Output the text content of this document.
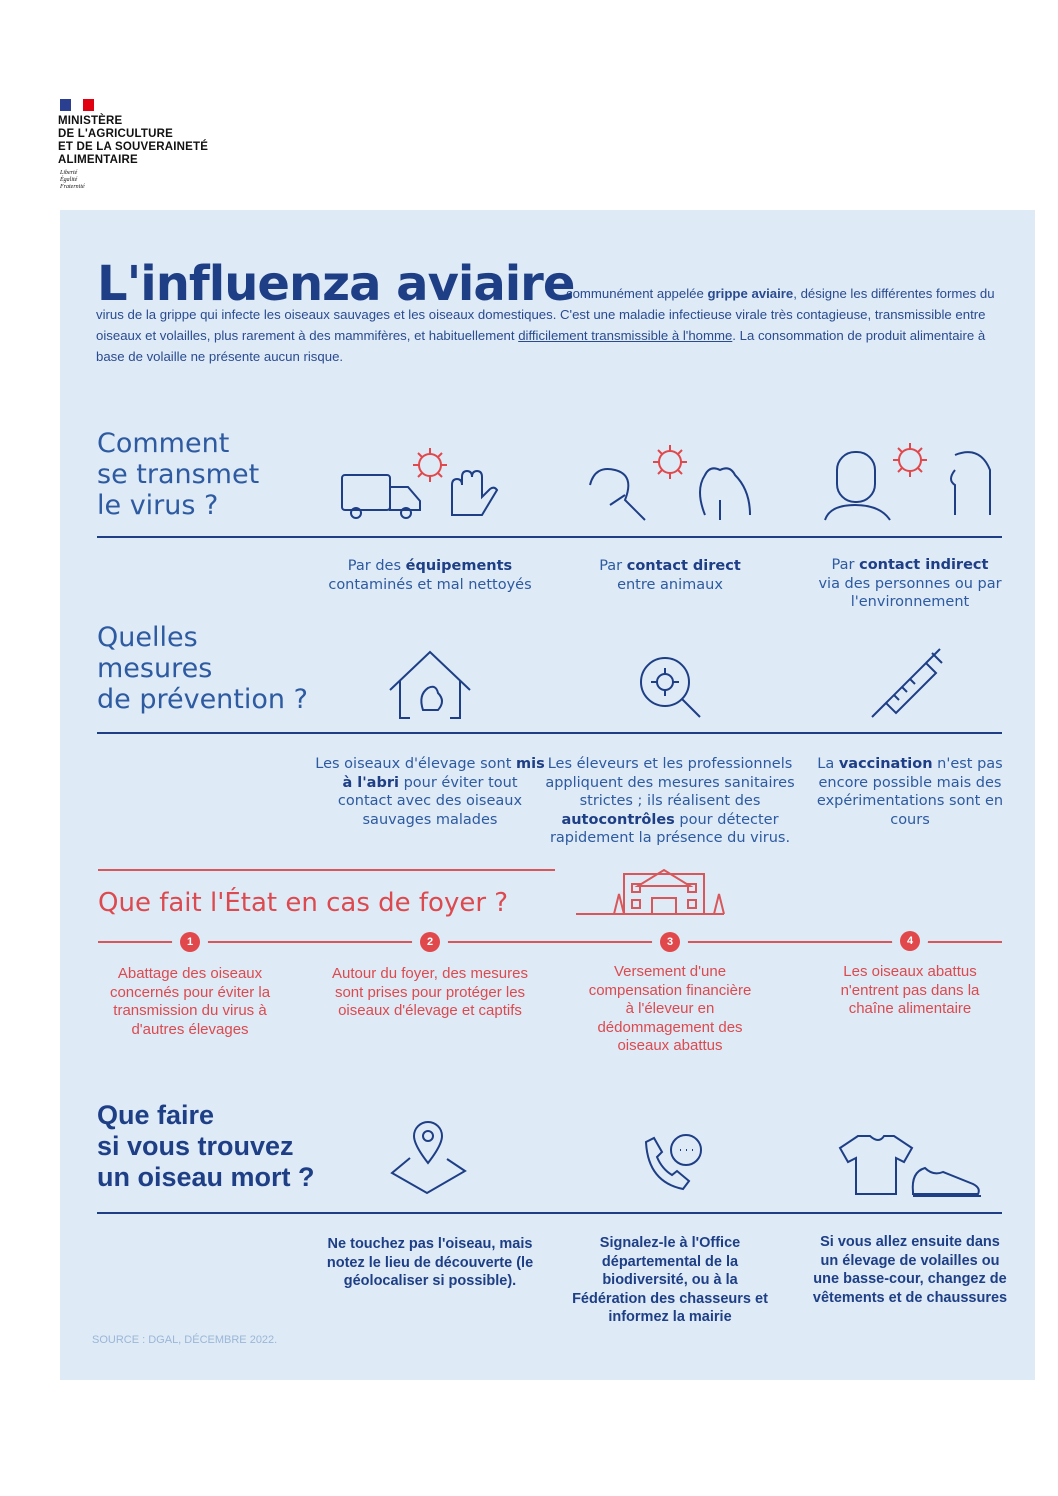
MINISTÈRE
DE L'AGRICULTURE
ET DE LA SOUVERAINETÉ
ALIMENTAIRE
Liberté
Égalité
Fraternité
communément appelée grippe aviaire, désigne les différentes formes du virus de la grippe qui infecte les oiseaux sauvages et les oiseaux domestiques. C'est une maladie infectieuse virale très contagieuse, transmissible entre oiseaux et volailles, plus rarement à des mammifères, et habituellement difficilement transmissible à l'homme. La consommation de produit alimentaire à base de volaille ne présente aucun risque.
L'influenza aviaire
Comment
se transmet
le virus ?
Par des équipements
contaminés et mal nettoyés
Par contact direct
entre animaux
Par contact indirect
via des personnes ou par l'environnement
Quelles
mesures
de prévention ?
Les oiseaux d'élevage sont mis à l'abri pour éviter tout contact avec des oiseaux sauvages malades
Les éleveurs et les professionnels appliquent des mesures sanitaires strictes ; ils réalisent des autocontrôles pour détecter rapidement la présence du virus.
La vaccination n'est pas encore possible mais des expérimentations sont en cours
Que fait l'État en cas de foyer ?
1	2	3	4
Abattage des oiseaux concernés pour éviter la transmission du virus à d'autres élevages
Autour du foyer, des mesures sont prises pour protéger les oiseaux d'élevage et captifs
Versement d'une compensation financière à l'éleveur en dédommagement des oiseaux abattus
Les oiseaux abattus n'entrent pas dans la chaîne alimentaire
Que faire
si vous trouvez
un oiseau mort ?
Ne touchez pas l'oiseau, mais notez le lieu de découverte (le géolocaliser si possible).
Signalez-le à l'Office départemental de la biodiversité, ou à la Fédération des chasseurs et informez la mairie
Si vous allez ensuite dans un élevage de volailles ou une basse-cour, changez de vêtements et de chaussures
SOURCE : DGAL, DÉCEMBRE 2022.
